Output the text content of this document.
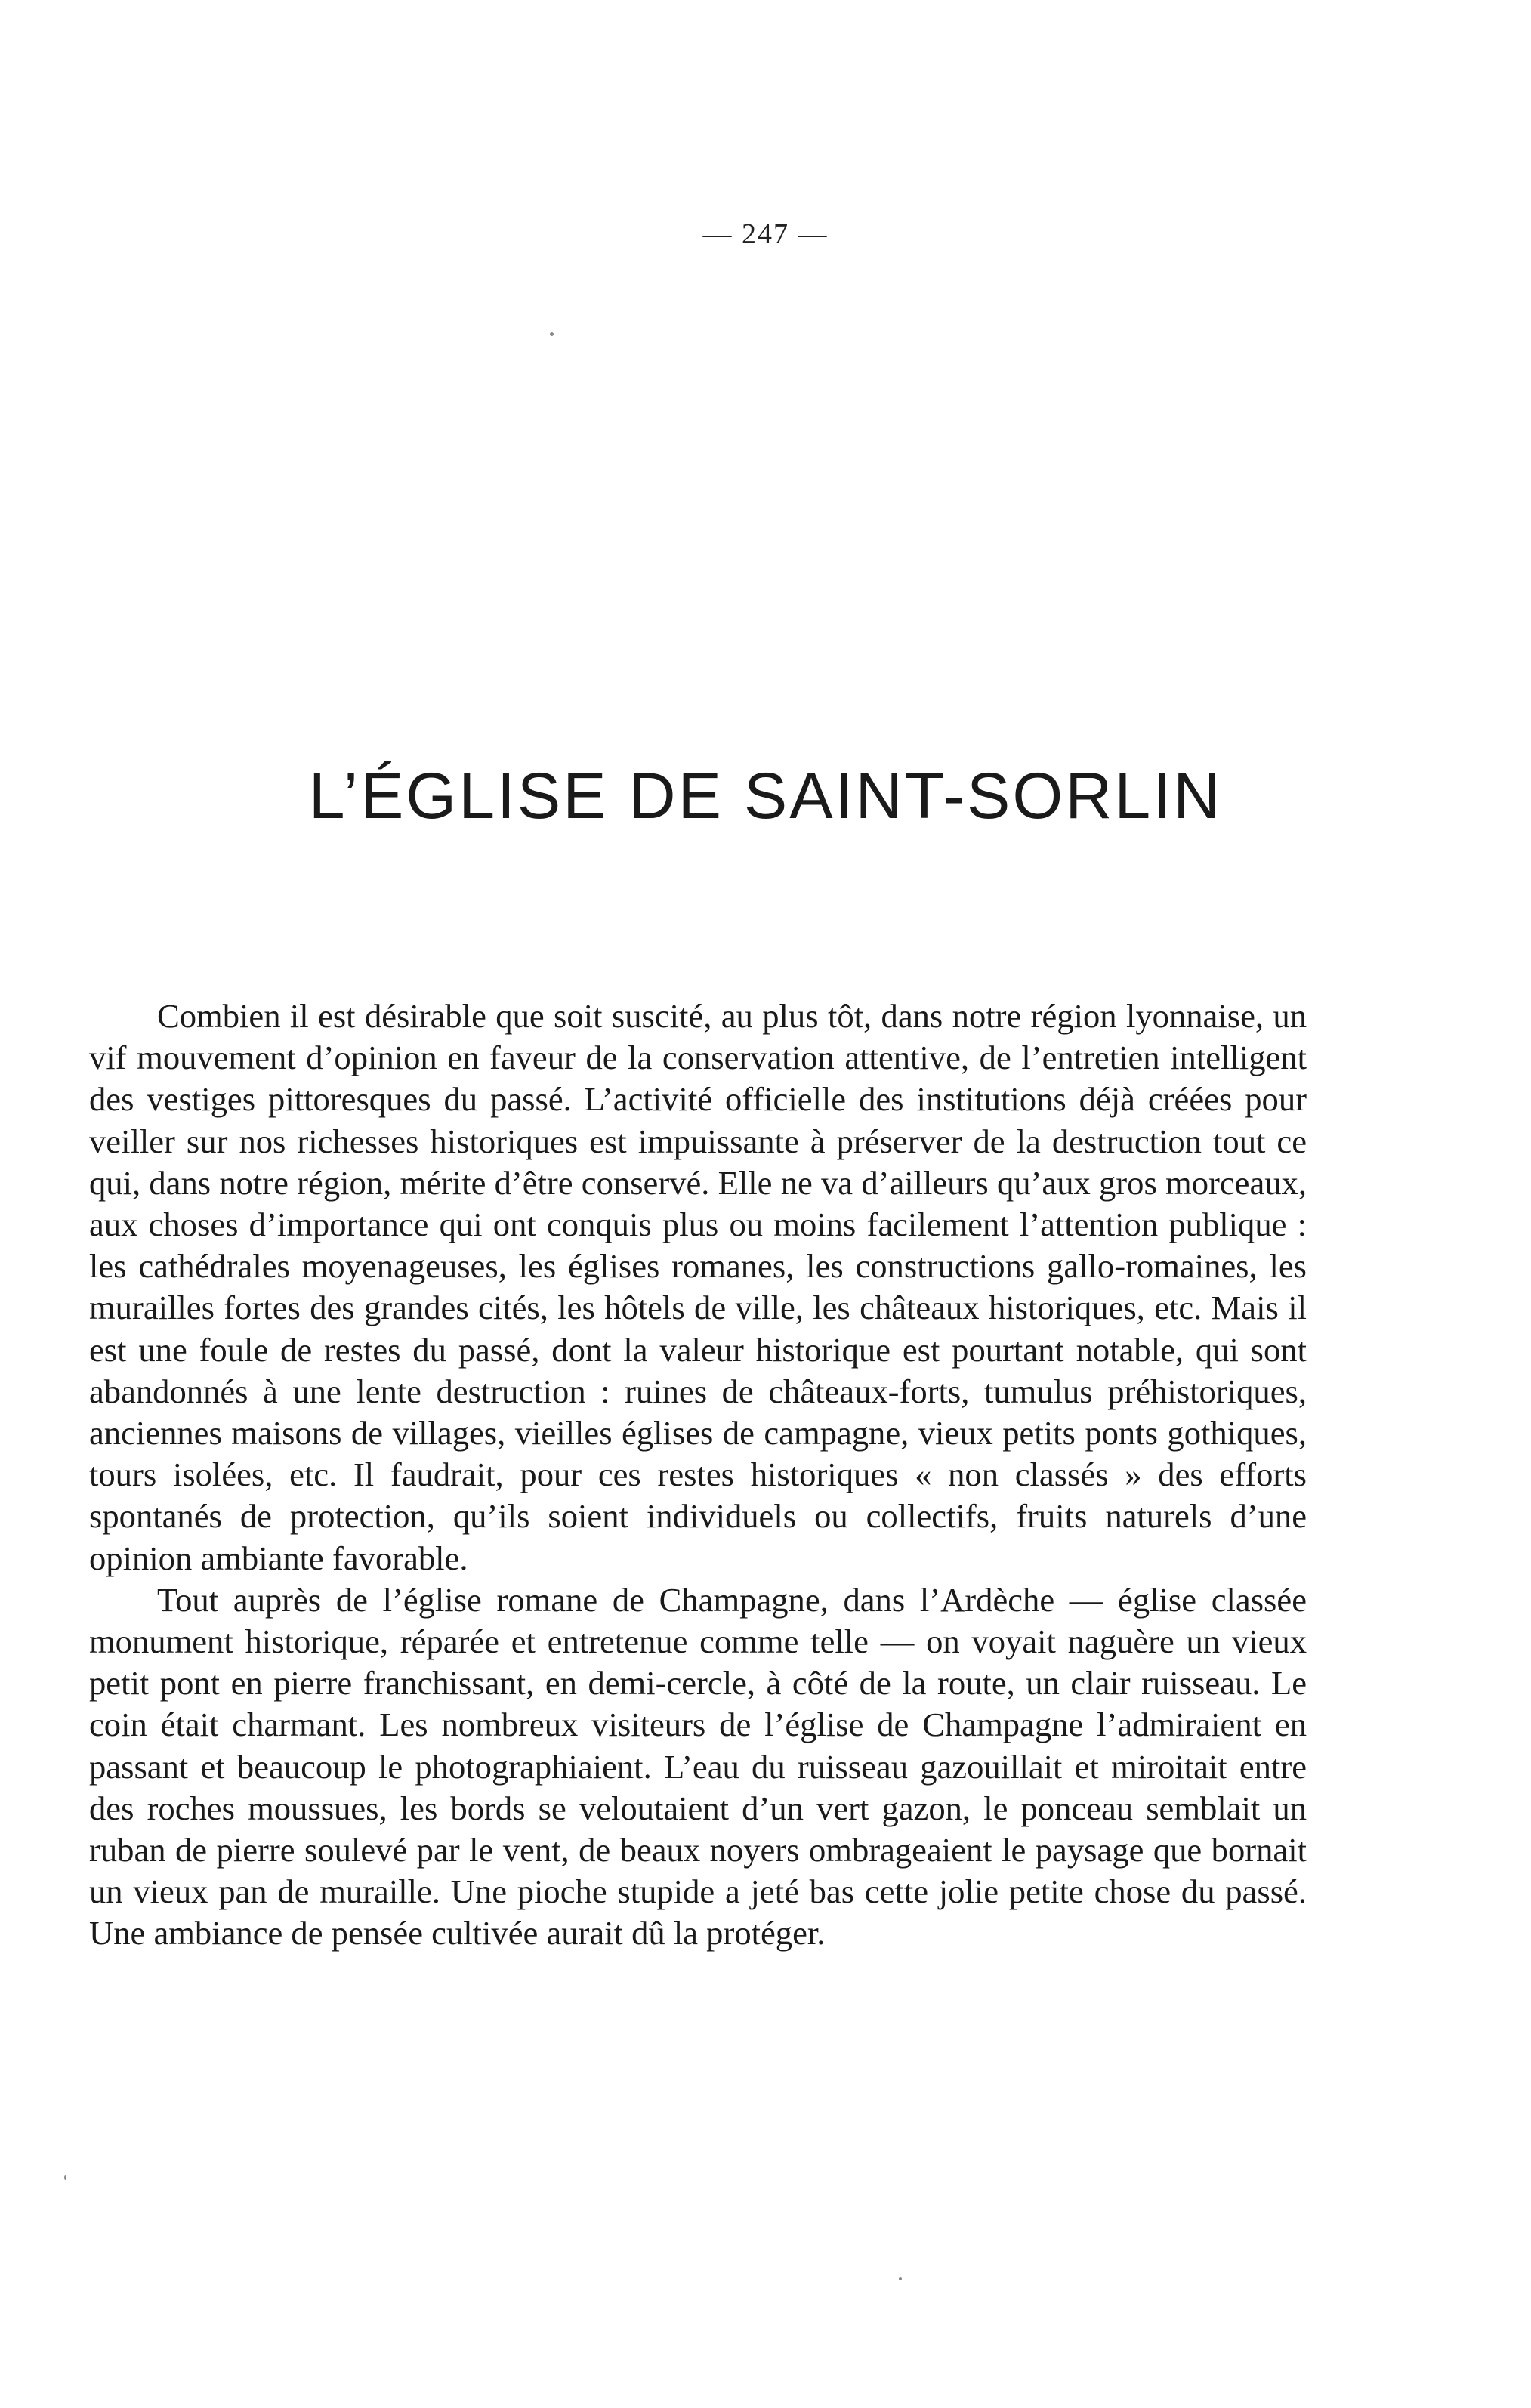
— 247 —
L’ÉGLISE DE SAINT-SORLIN

Combien il est désirable que soit suscité, au plus tôt, dans notre région lyonnaise, un vif mouvement d’opinion en faveur de la conservation attentive, de l’entretien intelligent des vestiges pittoresques du passé. L’activité officielle des institutions déjà créées pour veiller sur nos richesses historiques est impuissante à préserver de la destruction tout ce qui, dans notre région, mérite d’être conservé. Elle ne va d’ailleurs qu’aux gros morceaux, aux choses d’importance qui ont conquis plus ou moins facilement l’attention publique : les cathédrales moyenageuses, les églises romanes, les constructions gallo-romaines, les murailles fortes des grandes cités, les hôtels de ville, les châteaux historiques, etc. Mais il est une foule de restes du passé, dont la valeur historique est pourtant notable, qui sont abandonnés à une lente destruction : ruines de châteaux-forts, tumulus préhistoriques, anciennes maisons de villages, vieilles églises de campagne, vieux petits ponts gothiques, tours isolées, etc. Il faudrait, pour ces restes historiques « non classés » des efforts spontanés de protection, qu’ils soient individuels ou collectifs, fruits naturels d’une opinion ambiante favorable.

Tout auprès de l’église romane de Champagne, dans l’Ardèche — église classée monument historique, réparée et entretenue comme telle — on voyait naguère un vieux petit pont en pierre franchissant, en demi-cercle, à côté de la route, un clair ruisseau. Le coin était charmant. Les nombreux visiteurs de l’église de Champagne l’admiraient en passant et beaucoup le photographiaient. L’eau du ruisseau gazouillait et miroitait entre des roches moussues, les bords se veloutaient d’un vert gazon, le ponceau semblait un ruban de pierre soulevé par le vent, de beaux noyers ombrageaient le paysage que bornait un vieux pan de muraille. Une pioche stupide a jeté bas cette jolie petite chose du passé. Une ambiance de pensée cultivée aurait dû la protéger.
